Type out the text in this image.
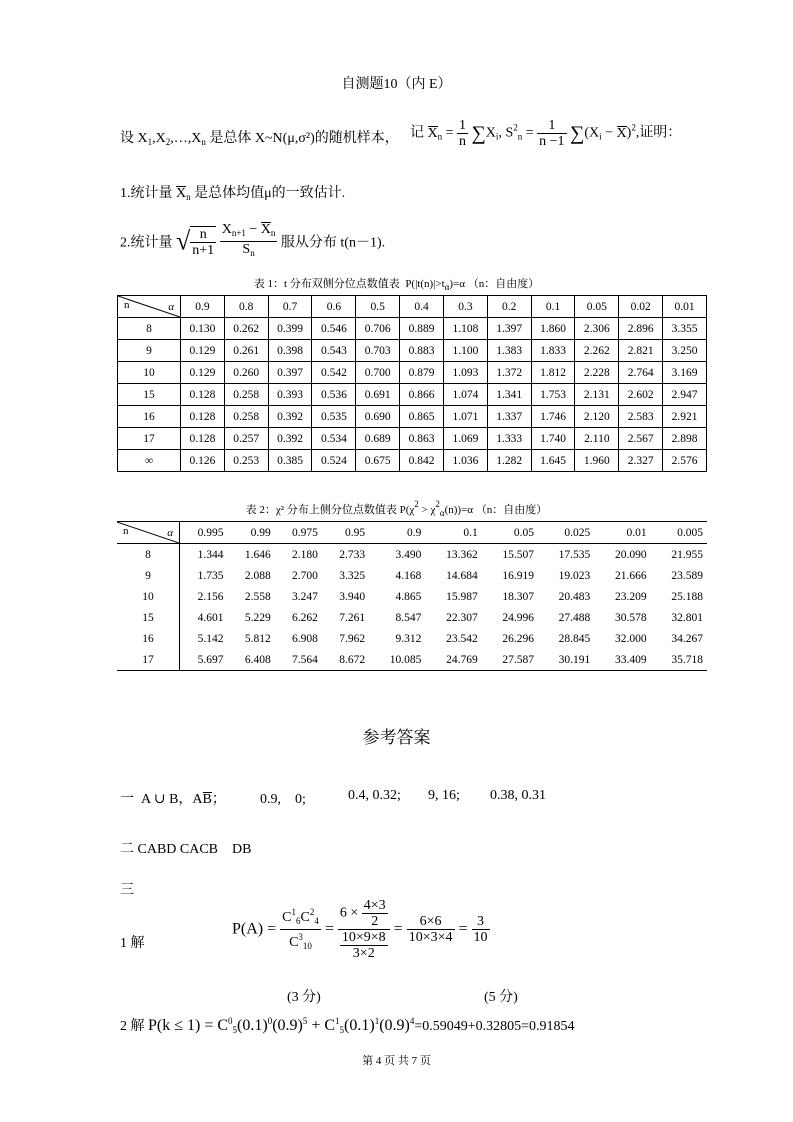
自测题10（内 E）
设 $X_1,X_2,\dots,X_n$ 是总体 X~N(μ,σ²)的随机样本， 记 $X_n = \frac{1}{n} \sum X_i$, $S^2_n = \frac{1}{n -1} \sum(X_i - X)^2$,证明：
1.统计量 $X_n$ 是总体均值μ的一致估计.
2.统计量 √ $\frac{n}{n+1}$
$\frac{X_{n+1} - X_n}{S_n}$ 服从分布 t(n－1).
表 1：t 分布双侧分位点数值表 $P(|t(n)|>t_\alpha)=\alpha$ （n：自由度）
n α	0.9	0.8	0.7	0.6	0.5	0.4	0.3	0.2	0.1	0.05	0.02	0.01
8	0.130	0.262	0.399	0.546	0.706	0.889	1.108	1.397	1.860	2.306	2.896	3.355
9	0.129	0.261	0.398	0.543	0.703	0.883	1.100	1.383	1.833	2.262	2.821	3.250
10	0.129	0.260	0.397	0.542	0.700	0.879	1.093	1.372	1.812	2.228	2.764	3.169
15	0.128	0.258	0.393	0.536	0.691	0.866	1.074	1.341	1.753	2.131	2.602	2.947
16	0.128	0.258	0.392	0.535	0.690	0.865	1.071	1.337	1.746	2.120	2.583	2.921
17	0.128	0.257	0.392	0.534	0.689	0.863	1.069	1.333	1.740	2.110	2.567	2.898
∞	0.126	0.253	0.385	0.524	0.675	0.842	1.036	1.282	1.645	1.960	2.327	2.576
表 2：χ² 分布上侧分位点数值表 $P(\chi^2 > \chi^2_\alpha(n))=\alpha$ （n：自由度）
n α	0.995	0.99	0.975	0.95	0.9	0.1	0.05	0.025	0.01	0.005
8	1.344	1.646	2.180	2.733	3.490	13.362	15.507	17.535	20.090	21.955
9	1.735	2.088	2.700	3.325	4.168	14.684	16.919	19.023	21.666	23.589
10	2.156	2.558	3.247	3.940	4.865	15.987	18.307	20.483	23.209	25.188
15	4.601	5.229	6.262	7.261	8.547	22.307	24.996	27.488	30.578	32.801
16	5.142	5.812	6.908	7.962	9.312	23.542	26.296	28.845	32.000	34.267
17	5.697	6.408	7.564	8.672	10.085	24.769	27.587	30.191	33.409	35.718
参考答案
一 A ∪ B，AB； 0.9,　0;	0.4, 0.32; 9, 16; 0.38, 0.31
二 CABD CACB　DB
三
1 解
$P(A) = \frac{C^1_6C^2_4}{C^3_{10}} = \frac{6 \times \frac{4\times 3}{2}}{\frac{10\times 9\times 8}{3\times 2}} = \frac{6\times 6}{10\times 3\times 4} = \frac{3}{10}$
(3 分)	(5 分)
2 解 $P(k \le 1) = C^0_5(0.1)^0(0.9)^5 + C^1_5(0.1)^1(0.9)^4=0.59049+0.32805=0.91854$
第 4 页 共 7 页
